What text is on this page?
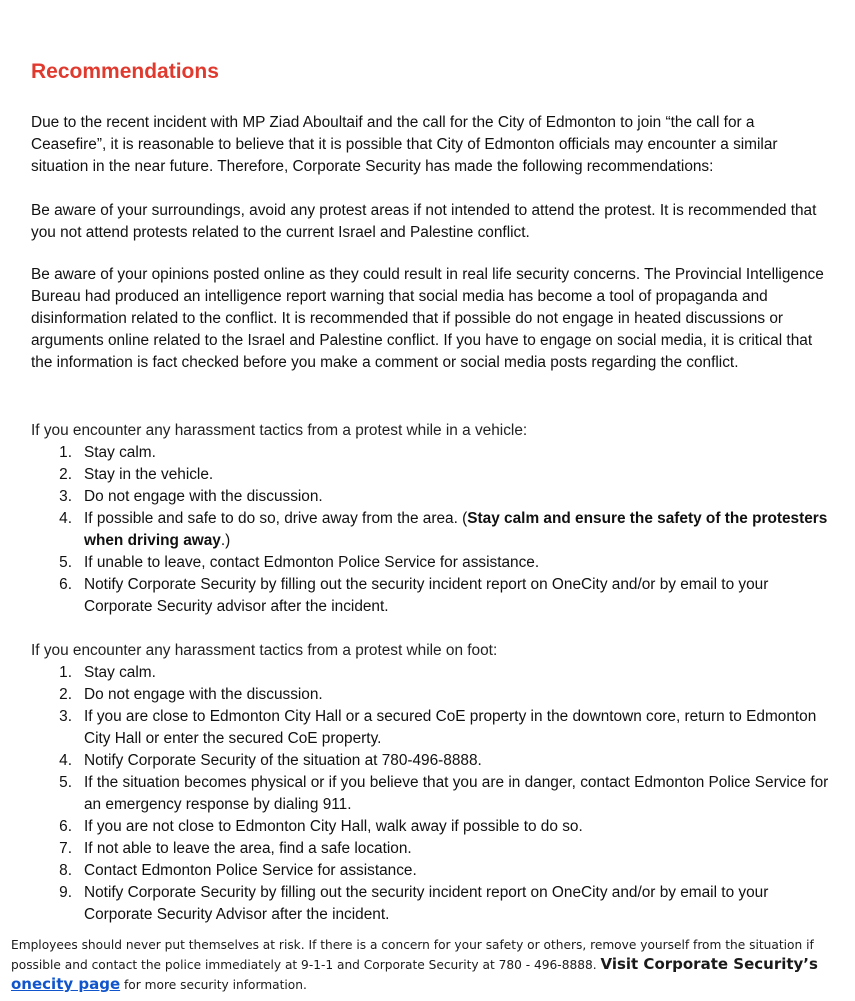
Recommendations

Due to the recent incident with MP Ziad Aboultaif and the call for the City of Edmonton to join “the call for a Ceasefire”, it is reasonable to believe that it is possible that City of Edmonton officials may encounter a similar situation in the near future. Therefore, Corporate Security has made the following recommendations:

Be aware of your surroundings, avoid any protest areas if not intended to attend the protest. It is recommended that you not attend protests related to the current Israel and Palestine conflict.

Be aware of your opinions posted online as they could result in real life security concerns. The Provincial Intelligence Bureau had produced an intelligence report warning that social media has become a tool of propaganda and disinformation related to the conflict. It is recommended that if possible do not engage in heated discussions or arguments online related to the Israel and Palestine conflict. If you have to engage on social media, it is critical that the information is fact checked before you make a comment or social media posts regarding the conflict.

If you encounter any harassment tactics from a protest while in a vehicle:

1. Stay calm.
2. Stay in the vehicle.
3. Do not engage with the discussion.
4. If possible and safe to do so, drive away from the area. (Stay calm and ensure the safety of the protesters when driving away.)
5. If unable to leave, contact Edmonton Police Service for assistance.
6. Notify Corporate Security by filling out the security incident report on OneCity and/or by email to your Corporate Security advisor after the incident.

If you encounter any harassment tactics from a protest while on foot:

1. Stay calm.
2. Do not engage with the discussion.
3. If you are close to Edmonton City Hall or a secured CoE property in the downtown core, return to Edmonton City Hall or enter the secured CoE property.
4. Notify Corporate Security of the situation at 780-496-8888.
5. If the situation becomes physical or if you believe that you are in danger, contact Edmonton Police Service for an emergency response by dialing 911.
6. If you are not close to Edmonton City Hall, walk away if possible to do so.
7. If not able to leave the area, find a safe location.
8. Contact Edmonton Police Service for assistance.
9. Notify Corporate Security by filling out the security incident report on OneCity and/or by email to your Corporate Security Advisor after the incident.
Employees should never put themselves at risk. If there is a concern for your safety or others, remove yourself from the situation if possible and contact the police immediately at 9-1-1 and Corporate Security at 780 - 496-8888. Visit Corporate Security’s
onecity page for more security information.
